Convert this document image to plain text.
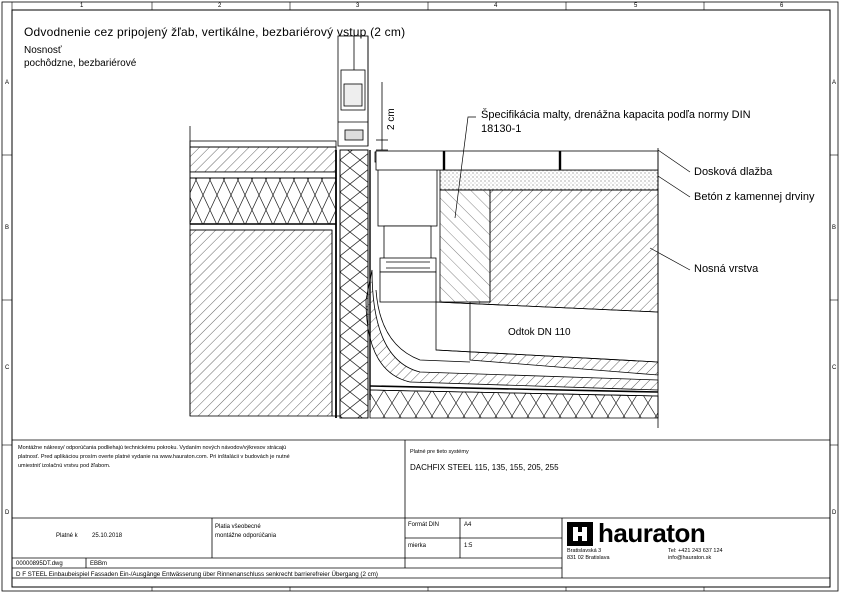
1	2	3	4	5	6
A
B
C
D
A
B
C
D
Odvodnenie cez pripojený žľab, vertikálne, bezbariérový vstup (2 cm)
Nosnosť
pochôdzne, bezbariérové
2 cm	Špecifikácia malty, drenážna kapacita podľa normy DIN
18130-1
Dosková dlažba
Betón z kamennej drviny
Nosná vrstva
Odtok DN 110
Montážne nákresy/ odporúčania podliehajú technickému pokroku. Vydaním nových návodov/výkresov strácajú
platnosť. Pred aplikáciou prosím overte platné vydanie na www.hauraton.com. Pri inštalácii v budovách je nutné
umiestniť izolačnú vrstvu pod žľabom.
Platné pre tieto systémy
DACHFIX STEEL 115, 135, 155, 205, 255
Platné k 25.10.2018
Platia všeobecné
montážne odporúčania
Formát DIN	A4
mierka	1:5
00000895DT.dwg	EBBm
D F STEEL Einbaubeispiel Fassaden Ein-/Ausgänge Entwässerung über Rinnenanschluss senkrecht barrierefreier Übergang (2 cm)
hauraton
Bratislavská 3
831 02 Bratislava
Tel: +421 243 637 124
info@hauraton.sk
